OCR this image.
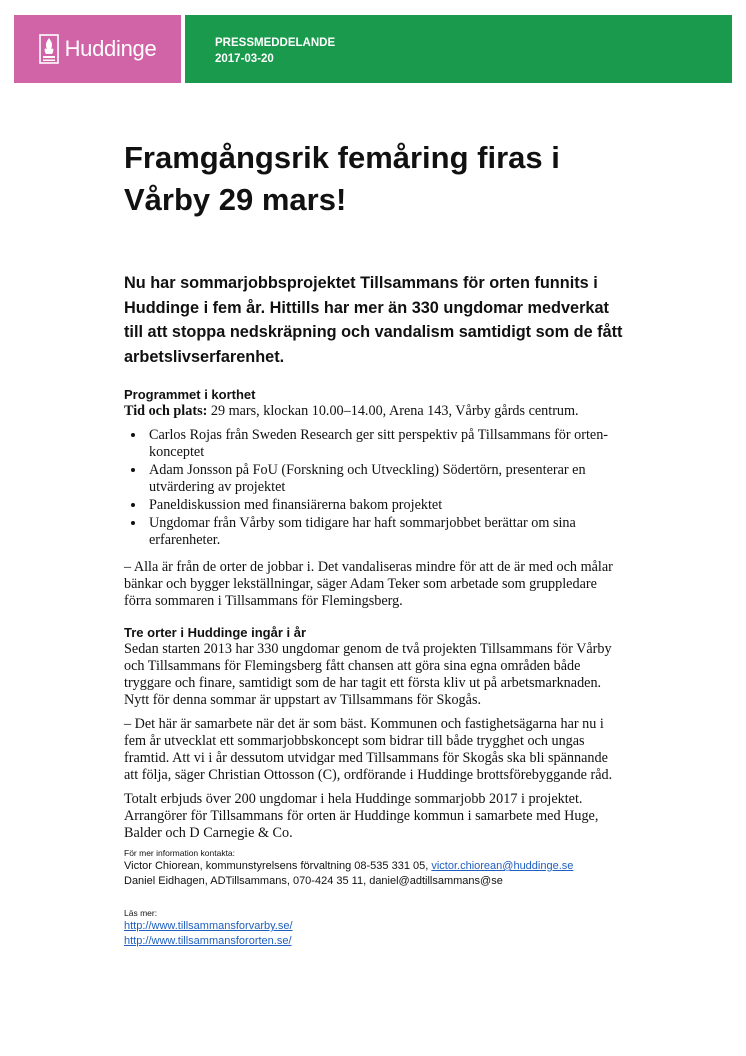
Huddinge	PRESSMEDDELANDE
2017-03-20
Framgångsrik femåring firas i Vårby 29 mars!

Nu har sommarjobbsprojektet Tillsammans för orten funnits i Huddinge i fem år. Hittills har mer än 330 ungdomar medverkat till att stoppa nedskräpning och vandalism samtidigt som de fått arbetslivserfarenhet.

Programmet i korthet
Tid och plats: 29 mars, klockan 10.00–14.00, Arena 143, Vårby gårds centrum.
• Carlos Rojas från Sweden Research ger sitt perspektiv på Tillsammans för orten-konceptet
• Adam Jonsson på FoU (Forskning och Utveckling) Södertörn, presenterar en utvärdering av projektet
• Paneldiskussion med finansiärerna bakom projektet
• Ungdomar från Vårby som tidigare har haft sommarjobbet berättar om sina erfarenheter.
– Alla är från de orter de jobbar i. Det vandaliseras mindre för att de är med och målar bänkar och bygger lekställningar, säger Adam Teker som arbetade som gruppledare förra sommaren i Tillsammans för Flemingsberg.
Tre orter i Huddinge ingår i år
Sedan starten 2013 har 330 ungdomar genom de två projekten Tillsammans för Vårby och Tillsammans för Flemingsberg fått chansen att göra sina egna områden både tryggare och finare, samtidigt som de har tagit ett första kliv ut på arbetsmarknaden. Nytt för denna sommar är uppstart av Tillsammans för Skogås.
– Det här är samarbete när det är som bäst. Kommunen och fastighetsägarna har nu i fem år utvecklat ett sommarjobbskoncept som bidrar till både trygghet och ungas framtid. Att vi i år dessutom utvidgar med Tillsammans för Skogås ska bli spännande att följa, säger Christian Ottosson (C), ordförande i Huddinge brottsförebyggande råd.
Totalt erbjuds över 200 ungdomar i hela Huddinge sommarjobb 2017 i projektet. Arrangörer för Tillsammans för orten är Huddinge kommun i samarbete med Huge, Balder och D Carnegie & Co.
För mer information kontakta:
Victor Chiorean, kommunstyrelsens förvaltning 08-535 331 05, victor.chiorean@huddinge.se
Daniel Eidhagen, ADTillsammans, 070-424 35 11, daniel@adtillsammans@se
Läs mer:
http://www.tillsammansforvarby.se/
http://www.tillsammansfororten.se/
